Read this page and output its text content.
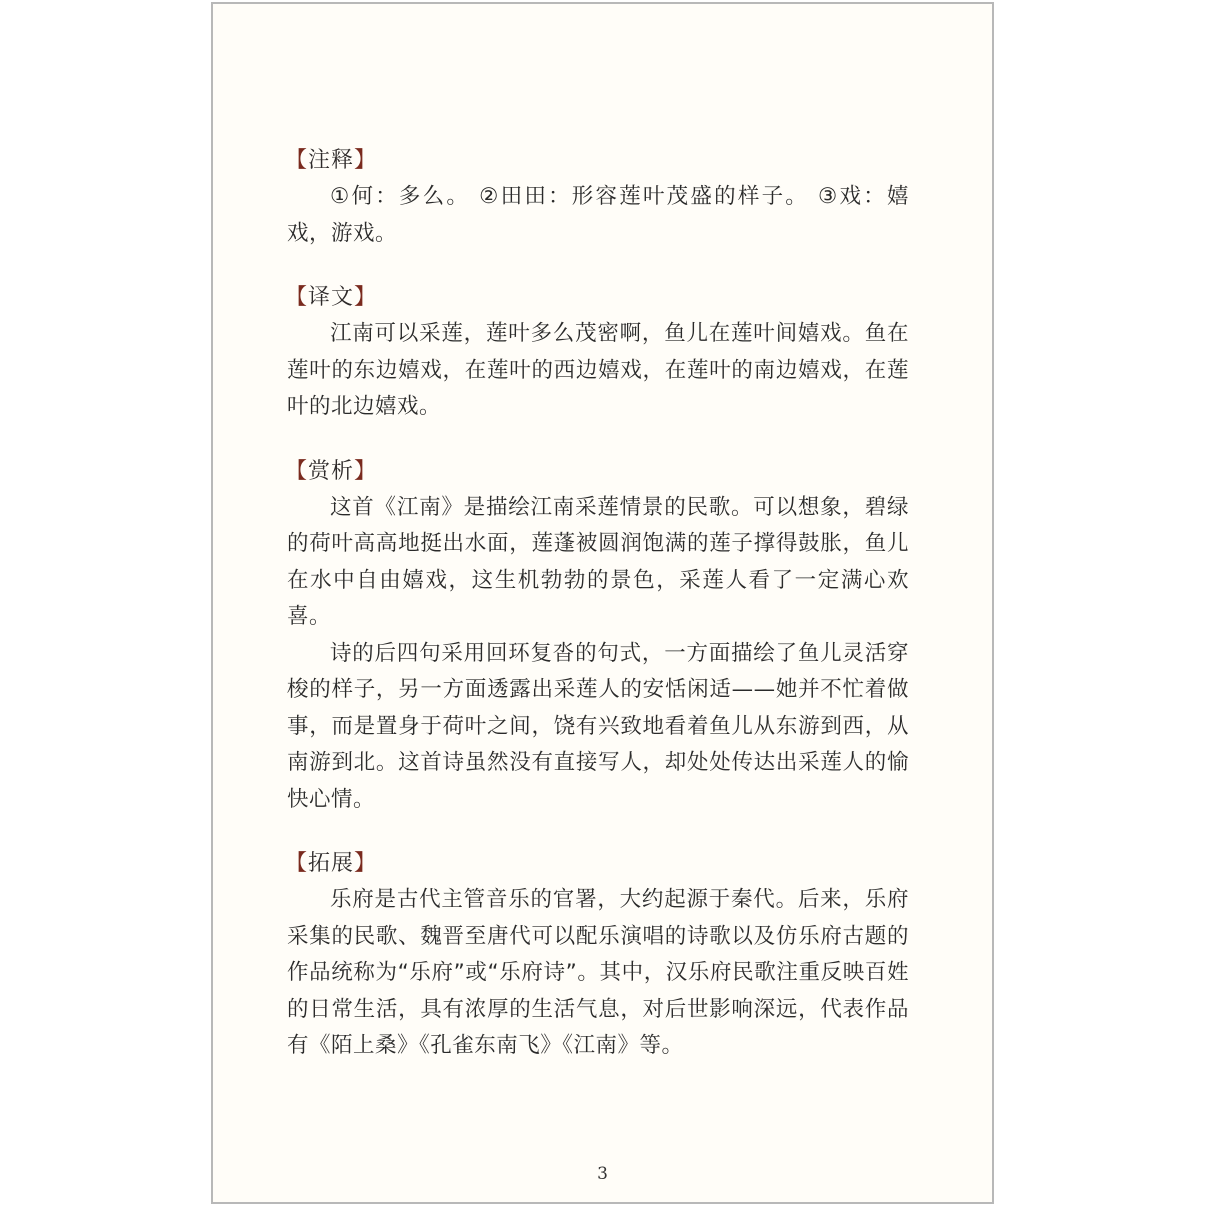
【注释】

①何：多么。 ②田田：形容莲叶茂盛的样子。 ③戏：嬉戏，游戏。

【译文】

江南可以采莲，莲叶多么茂密啊，鱼儿在莲叶间嬉戏。鱼在莲叶的东边嬉戏，在莲叶的西边嬉戏，在莲叶的南边嬉戏，在莲叶的北边嬉戏。

【赏析】

这首《江南》是描绘江南采莲情景的民歌。可以想象，碧绿的荷叶高高地挺出水面，莲蓬被圆润饱满的莲子撑得鼓胀，鱼儿在水中自由嬉戏，这生机勃勃的景色，采莲人看了一定满心欢喜。

诗的后四句采用回环复沓的句式，一方面描绘了鱼儿灵活穿梭的样子，另一方面透露出采莲人的安恬闲适——她并不忙着做事，而是置身于荷叶之间，饶有兴致地看着鱼儿从东游到西，从南游到北。这首诗虽然没有直接写人，却处处传达出采莲人的愉快心情。

【拓展】

乐府是古代主管音乐的官署，大约起源于秦代。后来，乐府采集的民歌、魏晋至唐代可以配乐演唱的诗歌以及仿乐府古题的作品统称为“乐府”或“乐府诗”。其中，汉乐府民歌注重反映百姓的日常生活，具有浓厚的生活气息，对后世影响深远，代表作品有《陌上桑》《孔雀东南飞》《江南》等。

3
